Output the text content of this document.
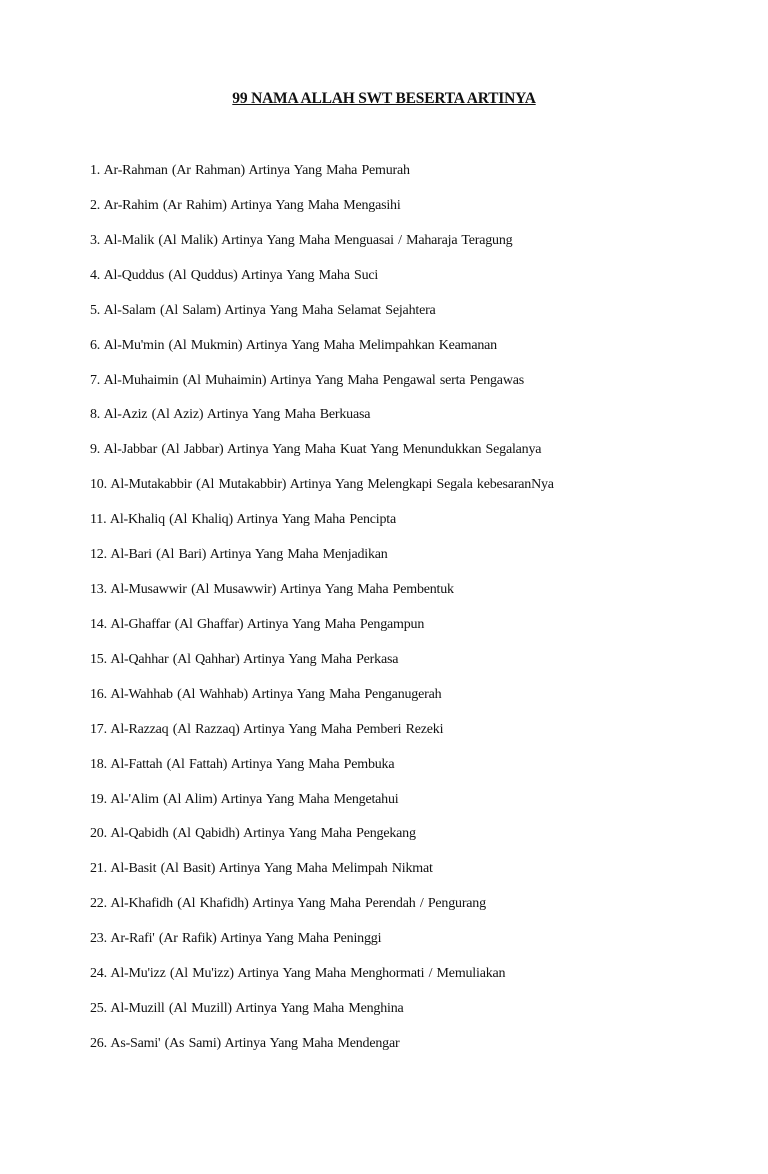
99 NAMA ALLAH SWT BESERTA ARTINYA
1. Ar-Rahman (Ar Rahman) Artinya Yang Maha Pemurah
2. Ar-Rahim (Ar Rahim) Artinya Yang Maha Mengasihi
3. Al-Malik (Al Malik) Artinya Yang Maha Menguasai / Maharaja Teragung
4. Al-Quddus (Al Quddus) Artinya Yang Maha Suci
5. Al-Salam (Al Salam) Artinya Yang Maha Selamat Sejahtera
6. Al-Mu'min (Al Mukmin) Artinya Yang Maha Melimpahkan Keamanan
7. Al-Muhaimin (Al Muhaimin) Artinya Yang Maha Pengawal serta Pengawas
8. Al-Aziz (Al Aziz) Artinya Yang Maha Berkuasa
9. Al-Jabbar (Al Jabbar) Artinya Yang Maha Kuat Yang Menundukkan Segalanya
10. Al-Mutakabbir (Al Mutakabbir) Artinya Yang Melengkapi Segala kebesaranNya
11. Al-Khaliq (Al Khaliq) Artinya Yang Maha Pencipta
12. Al-Bari (Al Bari) Artinya Yang Maha Menjadikan
13. Al-Musawwir (Al Musawwir) Artinya Yang Maha Pembentuk
14. Al-Ghaffar (Al Ghaffar) Artinya Yang Maha Pengampun
15. Al-Qahhar (Al Qahhar) Artinya Yang Maha Perkasa
16. Al-Wahhab (Al Wahhab) Artinya Yang Maha Penganugerah
17. Al-Razzaq (Al Razzaq) Artinya Yang Maha Pemberi Rezeki
18. Al-Fattah (Al Fattah) Artinya Yang Maha Pembuka
19. Al-'Alim (Al Alim) Artinya Yang Maha Mengetahui
20. Al-Qabidh (Al Qabidh) Artinya Yang Maha Pengekang
21. Al-Basit (Al Basit) Artinya Yang Maha Melimpah Nikmat
22. Al-Khafidh (Al Khafidh) Artinya Yang Maha Perendah / Pengurang
23. Ar-Rafi' (Ar Rafik) Artinya Yang Maha Peninggi
24. Al-Mu'izz (Al Mu'izz) Artinya Yang Maha Menghormati / Memuliakan
25. Al-Muzill (Al Muzill) Artinya Yang Maha Menghina
26. As-Sami' (As Sami) Artinya Yang Maha Mendengar
